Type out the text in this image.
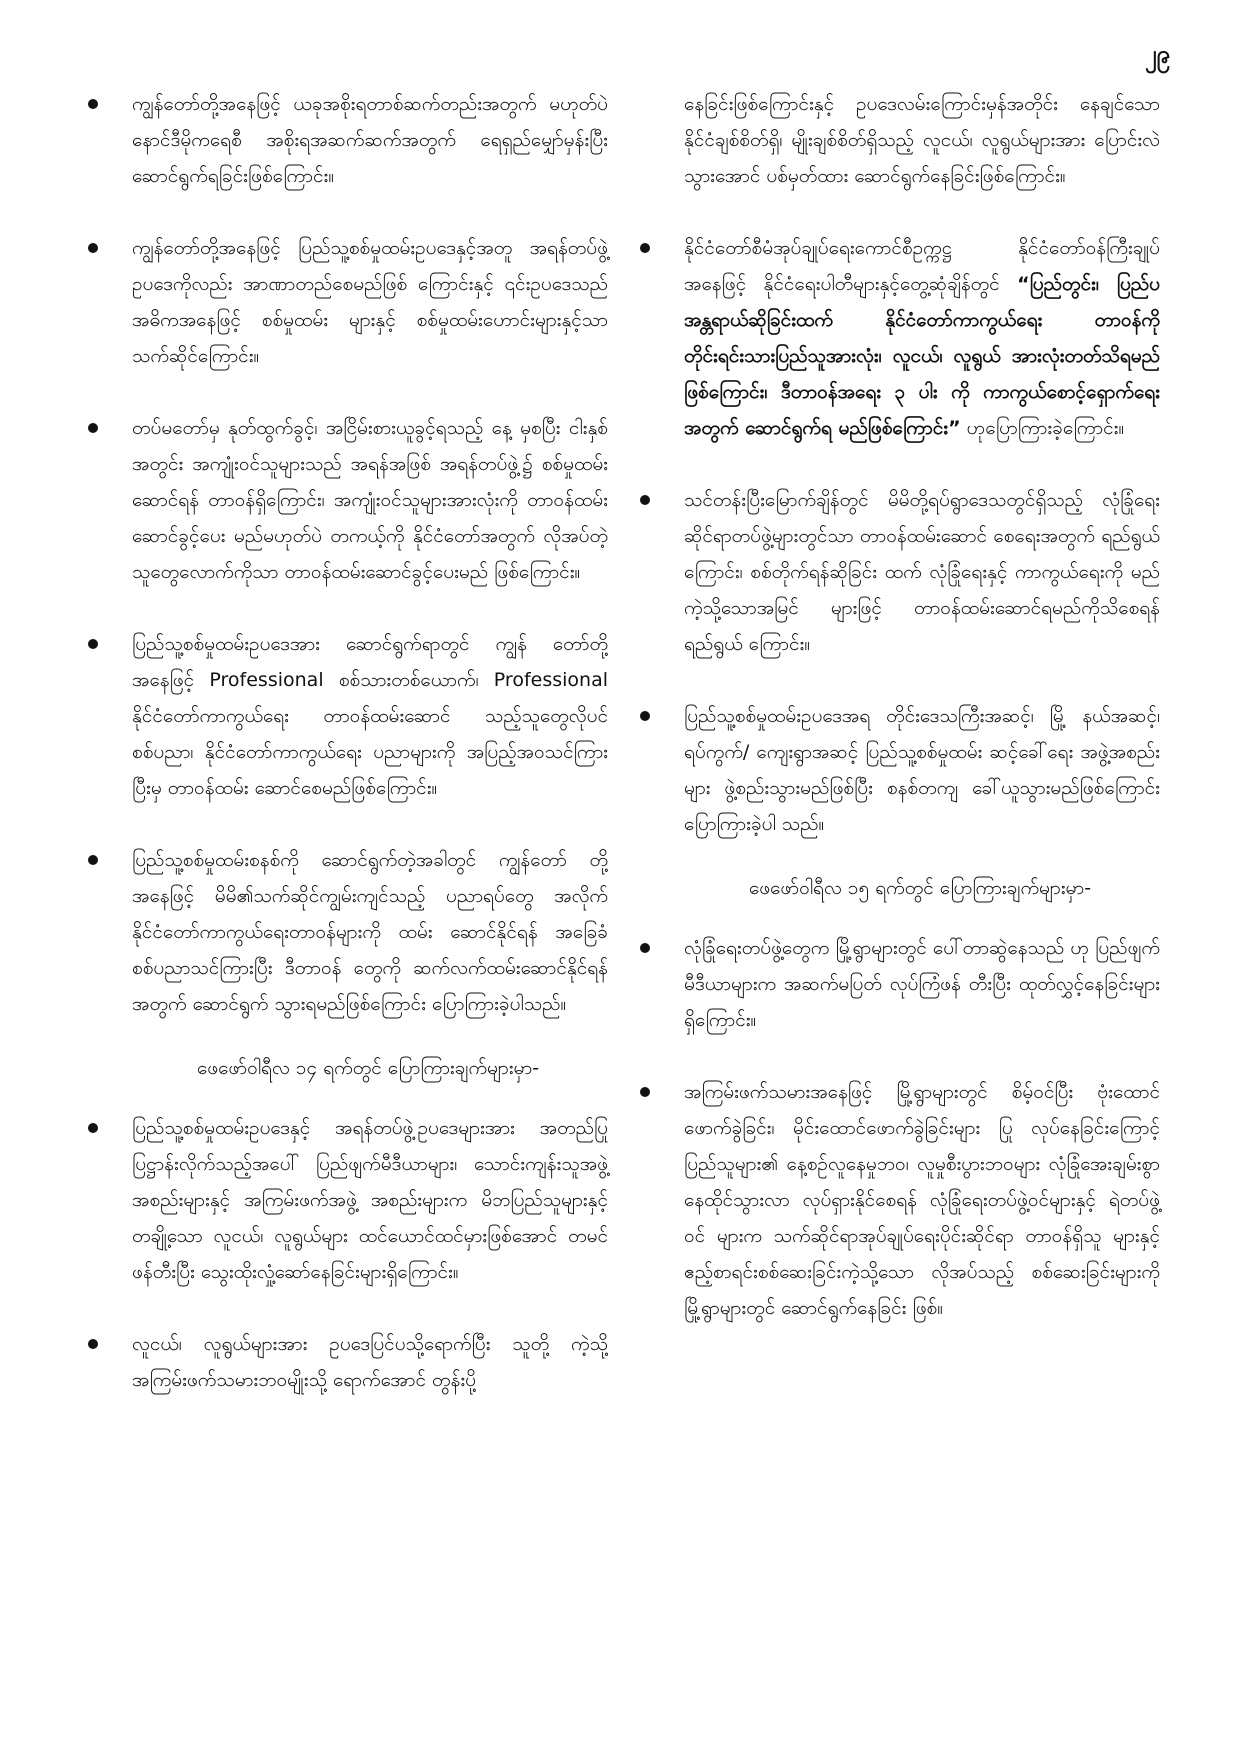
၂၉
ကျွန်တော်တို့အနေဖြင့် ယခုအစိုးရတာစ်ဆက်တည်းအတွက် မဟုတ်ပဲ နောင်ဒီမိုကရေစီ အစိုးရအဆက်ဆက်အတွက် ရေရှည်မျှော်မှန်းပြီး ဆောင်ရွက်ရခြင်းဖြစ်ကြောင်း။
ကျွန်တော်တို့အနေဖြင့် ပြည်သူ့စစ်မှုထမ်းဥပဒေနှင့်အတူ အရန်တပ်ဖွဲ့ဥပဒေကိုလည်း အာဏာတည်စေမည်ဖြစ် ကြောင်းနှင့် ၎င်းဥပဒေသည် အဓိကအနေဖြင့် စစ်မှုထမ်း များနှင့် စစ်မှုထမ်းဟောင်းများနှင့်သာ သက်ဆိုင်ကြောင်း။
တပ်မတော်မှ နုတ်ထွက်ခွင့်၊ အငြိမ်းစားယူခွင့်ရသည့် နေ့ မှစပြီး ငါးနှစ်အတွင်း အကျုံးဝင်သူများသည် အရန်အဖြစ် အရန်တပ်ဖွဲ့၌ စစ်မှုထမ်းဆောင်ရန် တာဝန်ရှိကြောင်း၊ အကျုံးဝင်သူများအားလုံးကို တာဝန်ထမ်းဆောင်ခွင့်ပေး မည်မဟုတ်ပဲ တကယ့်ကို နိုင်ငံတော်အတွက် လိုအပ်တဲ့ သူတွေလောက်ကိုသာ တာဝန်ထမ်းဆောင်ခွင့်ပေးမည် ဖြစ်ကြောင်း။
ပြည်သူ့စစ်မှုထမ်းဥပဒေအား ဆောင်ရွက်ရာတွင် ကျွန် တော်တို့အနေဖြင့် Professional စစ်သားတစ်ယောက်၊ Professional နိုင်ငံတော်ကာကွယ်ရေး တာဝန်ထမ်းဆောင် သည့်သူတွေလိုပင် စစ်ပညာ၊ နိုင်ငံတော်ကာကွယ်ရေး ပညာများကို အပြည့်အဝသင်ကြားပြီးမှ တာဝန်ထမ်း ဆောင်စေမည်ဖြစ်ကြောင်း။
ပြည်သူ့စစ်မှုထမ်းစနစ်ကို ဆောင်ရွက်တဲ့အခါတွင် ကျွန်တော် တို့အနေဖြင့် မိမိ၏သက်ဆိုင်ကျွမ်းကျင်သည့် ပညာရပ်တွေ အလိုက် နိုင်ငံတော်ကာကွယ်ရေးတာဝန်များကို ထမ်း ဆောင်နိုင်ရန် အခြေခံစစ်ပညာသင်ကြားပြီး ဒီတာဝန် တွေကို ဆက်လက်ထမ်းဆောင်နိုင်ရန်အတွက် ဆောင်ရွက် သွားရမည်ဖြစ်ကြောင်း ပြောကြားခဲ့ပါသည်။
ဖေဖော်ဝါရီလ ၁၄ ရက်တွင် ပြောကြားချက်များမှာ-
ပြည်သူ့စစ်မှုထမ်းဥပဒေနှင့် အရန်တပ်ဖွဲ့ဥပဒေများအား အတည်ပြုပြဋ္ဌာန်းလိုက်သည့်အပေါ် ပြည်ဖျက်မီဒီယာများ၊ သောင်းကျန်းသူအဖွဲ့အစည်းများနှင့် အကြမ်းဖက်အဖွဲ့ အစည်းများက မိဘပြည်သူများနှင့် တချို့သော လူငယ်၊ လူရွယ်များ ထင်ယောင်ထင်မှားဖြစ်အောင် တမင်ဖန်တီးပြီး သွေးထိုးလှုံ့ဆော်နေခြင်းများရှိကြောင်း။
လူငယ်၊ လူရွယ်များအား ဥပဒေပြင်ပသို့ရောက်ပြီး သူတို့ ကဲ့သို့ အကြမ်းဖက်သမားဘဝမျိုးသို့ ရောက်အောင် တွန်းပို့
နေခြင်းဖြစ်ကြောင်းနှင့် ဥပဒေလမ်းကြောင်းမှန်အတိုင်း နေချင်သော နိုင်ငံချစ်စိတ်ရှိ၊ မျိုးချစ်စိတ်ရှိသည့် လူငယ်၊ လူရွယ်များအား ပြောင်းလဲသွားအောင် ပစ်မှတ်ထား ဆောင်ရွက်နေခြင်းဖြစ်ကြောင်း။
နိုင်ငံတော်စီမံအုပ်ချုပ်ရေးကောင်စီဥက္ကဋ္ဌ နိုင်ငံတော်ဝန်ကြီးချုပ် အနေဖြင့် နိုင်ငံရေးပါတီများနှင့်တွေ့ဆုံချိန်တွင် “ပြည်တွင်း၊ ပြည်ပအန္တရာယ်ဆိုခြင်းထက် နိုင်ငံတော်ကာကွယ်ရေး တာဝန်ကို တိုင်းရင်းသားပြည်သူအားလုံး၊ လူငယ်၊ လူရွယ် အားလုံးတတ်သိရမည်ဖြစ်ကြောင်း၊ ဒီတာဝန်အရေး ၃ ပါး ကို ကာကွယ်စောင့်ရှောက်ရေးအတွက် ဆောင်ရွက်ရ မည်ဖြစ်ကြောင်း” ဟုပြောကြားခဲ့ကြောင်း။
သင်တန်းပြီးမြောက်ချိန်တွင် မိမိတို့ရပ်ရွာဒေသတွင်ရှိသည့် လုံခြုံရေးဆိုင်ရာတပ်ဖွဲ့များတွင်သာ တာဝန်ထမ်းဆောင် စေရေးအတွက် ရည်ရွယ်ကြောင်း၊ စစ်တိုက်ရန်ဆိုခြင်း ထက် လုံခြုံရေးနှင့် ကာကွယ်ရေးကို မည်ကဲ့သို့သောအမြင် များဖြင့် တာဝန်ထမ်းဆောင်ရမည်ကိုသိစေရန် ရည်ရွယ် ကြောင်း။
ပြည်သူ့စစ်မှုထမ်းဥပဒေအရ တိုင်းဒေသကြီးအဆင့်၊ မြို့ နယ်အဆင့်၊ ရပ်ကွက်/ ကျေးရွာအဆင့် ပြည်သူ့စစ်မှုထမ်း ဆင့်ခေါ်ရေး အဖွဲ့အစည်းများ ဖွဲ့စည်းသွားမည်ဖြစ်ပြီး စနစ်တကျ ခေါ်ယူသွားမည်ဖြစ်ကြောင်း ပြောကြားခဲ့ပါ သည်။
ဖေဖော်ဝါရီလ ၁၅ ရက်တွင် ပြောကြားချက်များမှာ-
လုံခြုံရေးတပ်ဖွဲ့တွေက မြို့ရွာများတွင် ပေါ်တာဆွဲနေသည် ဟု ပြည်ဖျက်မီဒီယာများက အဆက်မပြတ် လုပ်ကြံဖန် တီးပြီး ထုတ်လွှင့်နေခြင်းများရှိကြောင်း။
အကြမ်းဖက်သမားအနေဖြင့် မြို့ရွာများတွင် စိမ့်ဝင်ပြီး ဗုံးထောင်ဖောက်ခွဲခြင်း၊ မိုင်းထောင်ဖောက်ခွဲခြင်းများ ပြု လုပ်နေခြင်းကြောင့် ပြည်သူများ၏ နေ့စဉ်လူနေမှုဘဝ၊ လူမှုစီးပွားဘဝများ လုံခြုံအေးချမ်းစွာ နေထိုင်သွားလာ လုပ်ရှားနိုင်စေရန် လုံခြုံရေးတပ်ဖွဲ့ဝင်များနှင့် ရဲတပ်ဖွဲ့ဝင် များက သက်ဆိုင်ရာအုပ်ချုပ်ရေးပိုင်းဆိုင်ရာ တာဝန်ရှိသူ များနှင့် ဧည့်စာရင်းစစ်ဆေးခြင်းကဲ့သို့သော လိုအပ်သည့် စစ်ဆေးခြင်းများကို မြို့ရွာများတွင် ဆောင်ရွက်နေခြင်း ဖြစ်။
